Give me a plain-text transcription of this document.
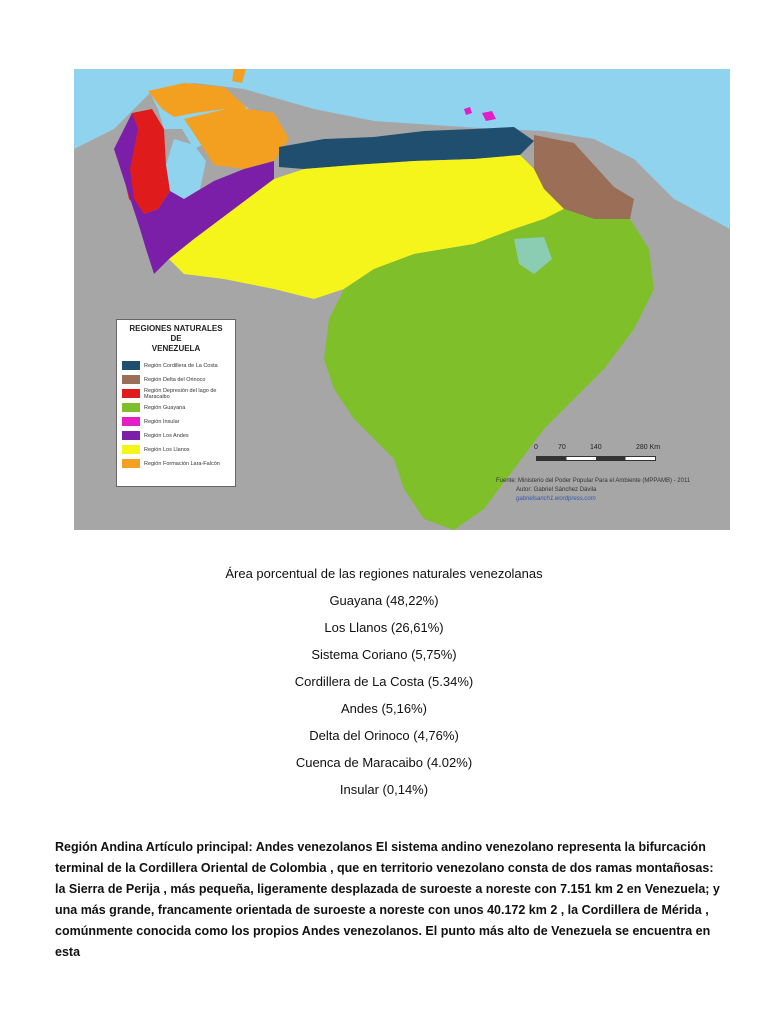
REGIONES NATURALES
DE
VENEZUELA
Región Cordillera de La Costa
Región Delta del Orinoco
Región Depresión del lago de Maracaibo
Región Guayana
Región Insular
Región Los Andes
Región Los Llanos
Región Formación Lara-Falcón
0	70	140	280 Km
Fuente: Ministerio del Poder Popular Para el Ambiente (MPPAMB) - 2011
Autor: Gabriel Sánchez Dávila
gabrielsanch1.wordpress.com

Área porcentual de las regiones naturales venezolanas

Guayana (48,22%)

Los Llanos (26,61%)

Sistema Coriano (5,75%)

Cordillera de La Costa (5.34%)

Andes (5,16%)

Delta del Orinoco (4,76%)

Cuenca de Maracaibo (4.02%)

Insular (0,14%)

Región Andina Artículo principal: Andes venezolanos El sistema andino venezolano representa la bifurcación terminal de la Cordillera Oriental de Colombia , que en territorio venezolano consta de dos ramas montañosas: la Sierra de Perija , más pequeña, ligeramente desplazada de suroeste a noreste con 7.151 km 2 en Venezuela; y una más grande, francamente orientada de suroeste a noreste con unos 40.172 km 2 , la Cordillera de Mérida , comúnmente conocida como los propios Andes venezolanos. El punto más alto de Venezuela se encuentra en esta
